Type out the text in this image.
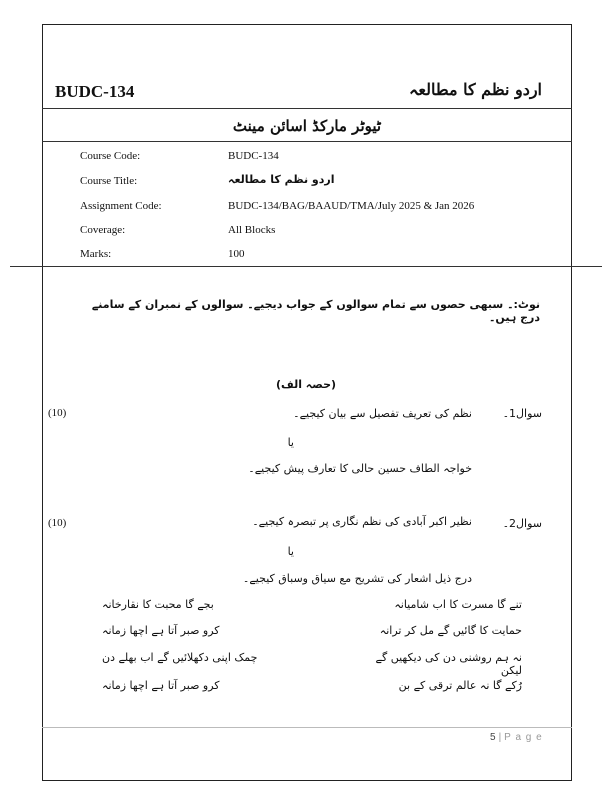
BUDC-134	اردو نظم کا مطالعہ
ٹیوٹر مارکڈ اسائن مینٹ
Course Code:	BUDC-134
Course Title:	اردو نظم کا مطالعہ
Assignment Code:	BUDC-134/BAG/BAAUD/TMA/July 2025 & Jan 2026
Coverage:	All Blocks
Marks:	100
نوٹ:۔ سبھی حصوں سے تمام سوالوں کے جواب دیجیے۔ سوالوں کے نمبران کے سامنے درج ہیں۔
(حصہ الف)
سوال1۔
نظم کی تعریف تفصیل سے بیان کیجیے۔
(10)
یا
خواجہ الطاف حسین حالی کا تعارف پیش کیجیے۔
سوال2۔
نظیر اکبر آبادی کی نظم نگاری پر تبصرہ کیجیے۔
(10)
یا
درج ذیل اشعار کی تشریح مع سیاق وسباق کیجیے۔
تنے گا مسرت کا اب شامیانہ
بجے گا محبت کا نقارخانہ
حمایت کا گائیں گے مل کر ترانہ
کرو صبر آتا ہے اچھا زمانہ
نہ ہم روشنی دن کی دیکھیں گے لیکن
چمک اپنی دکھلائیں گے اب بھلے دن
رُکے گا نہ عالم ترقی کے بن
کرو صبر آتا ہے اچھا زمانہ
5 | P a g e
